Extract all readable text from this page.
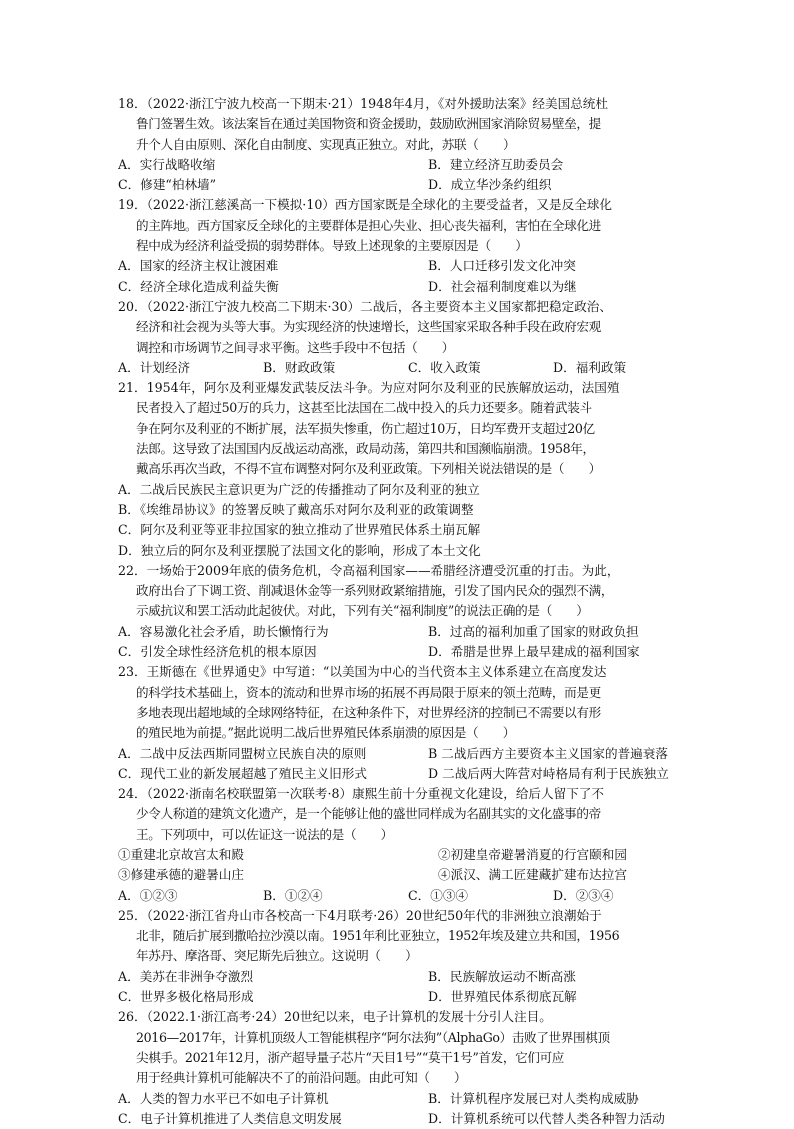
18．（2022·浙江宁波九校高一下期末·21）1948年4月，《对外援助法案》经美国总统杜
鲁门签署生效。该法案旨在通过美国物资和资金援助，鼓励欧洲国家消除贸易壁垒，提
升个人自由原则、深化自由制度、实现真正独立。对此，苏联（　　）
A．实行战略收缩	B．建立经济互助委员会
C．修建“柏林墙”	D．成立华沙条约组织
19．（2022·浙江慈溪高一下模拟·10）西方国家既是全球化的主要受益者，又是反全球化
的主阵地。西方国家反全球化的主要群体是担心失业、担心丧失福利，害怕在全球化进
程中成为经济利益受损的弱势群体。导致上述现象的主要原因是（　　）
A．国家的经济主权让渡困难	B．人口迁移引发文化冲突
C．经济全球化造成利益失衡	D．社会福利制度难以为继
20．（2022·浙江宁波九校高二下期末·30）二战后，各主要资本主义国家都把稳定政治、
经济和社会视为头等大事。为实现经济的快速增长，这些国家采取各种手段在政府宏观
调控和市场调节之间寻求平衡。这些手段中不包括（　　）
A．计划经济	B．财政政策	C．收入政策	D．福利政策
21．1954年，阿尔及利亚爆发武装反法斗争。为应对阿尔及利亚的民族解放运动，法国殖
民者投入了超过50万的兵力，这甚至比法国在二战中投入的兵力还要多。随着武装斗
争在阿尔及利亚的不断扩展，法军损失惨重，伤亡超过10万，日均军费开支超过20亿
法郎。这导致了法国国内反战运动高涨，政局动荡，第四共和国濒临崩溃。1958年，
戴高乐再次当政，不得不宣布调整对阿尔及利亚政策。下列相关说法错误的是（　　）
A．二战后民族民主意识更为广泛的传播推动了阿尔及利亚的独立
B．《埃维昂协议》的签署反映了戴高乐对阿尔及利亚的政策调整
C．阿尔及利亚等亚非拉国家的独立推动了世界殖民体系土崩瓦解
D．独立后的阿尔及利亚摆脱了法国文化的影响，形成了本土文化
22．一场始于2009年底的债务危机，令高福利国家——希腊经济遭受沉重的打击。为此，
政府出台了下调工资、削减退休金等一系列财政紧缩措施，引发了国内民众的强烈不满，
示威抗议和罢工活动此起彼伏。对此，下列有关“福利制度”的说法正确的是（　　）
A．容易激化社会矛盾，助长懒惰行为	B．过高的福利加重了国家的财政负担
C．引发全球性经济危机的根本原因	D．希腊是世界上最早建成的福利国家
23．王斯德在《世界通史》中写道：“以美国为中心的当代资本主义体系建立在高度发达
的科学技术基础上，资本的流动和世界市场的拓展不再局限于原来的领土范畴，而是更
多地表现出超地域的全球网络特征，在这种条件下，对世界经济的控制已不需要以有形
的殖民地为前提。”据此说明二战后世界殖民体系崩溃的原因是（　　）
A．二战中反法西斯同盟树立民族自决的原则	B 二战后西方主要资本主义国家的普遍衰落
C．现代工业的新发展超越了殖民主义旧形式	D 二战后两大阵营对峙格局有利于民族独立
24．（2022·浙南名校联盟第一次联考·8）康熙生前十分重视文化建设，给后人留下了不
少令人称道的建筑文化遗产，是一个能够让他的盛世同样成为名副其实的文化盛事的帝
王。下列项中，可以佐证这一说法的是（　　）
①重建北京故宫太和殿	②初建皇帝避暑消夏的行宫颐和园
③修建承德的避暑山庄	④派汉、满工匠建藏扩建布达拉宫
A．①②③	B．①②④	C．①③④	D．②③④
25．（2022·浙江省舟山市各校高一下4月联考·26）20世纪50年代的非洲独立浪潮始于
北非，随后扩展到撒哈拉沙漠以南。1951年利比亚独立，1952年埃及建立共和国，1956
年苏丹、摩洛哥、突尼斯先后独立。这说明（　　）
A．美苏在非洲争夺激烈	B．民族解放运动不断高涨
C．世界多极化格局形成	D．世界殖民体系彻底瓦解
26．（2022.1·浙江高考·24）20世纪以来，电子计算机的发展十分引人注目。
2016—2017年，计算机顶级人工智能棋程序“阿尔法狗”（AlphaGo）击败了世界围棋顶
尖棋手。2021年12月，浙产超导量子芯片“天目1号”“莫干1号”首发，它们可应
用于经典计算机可能解决不了的前沿问题。由此可知（　　）
A．人类的智力水平已不如电子计算机	B．计算机程序发展已对人类构成威胁
C．电子计算机推进了人类信息文明发展	D．计算机系统可以代替人类各种智力活动
